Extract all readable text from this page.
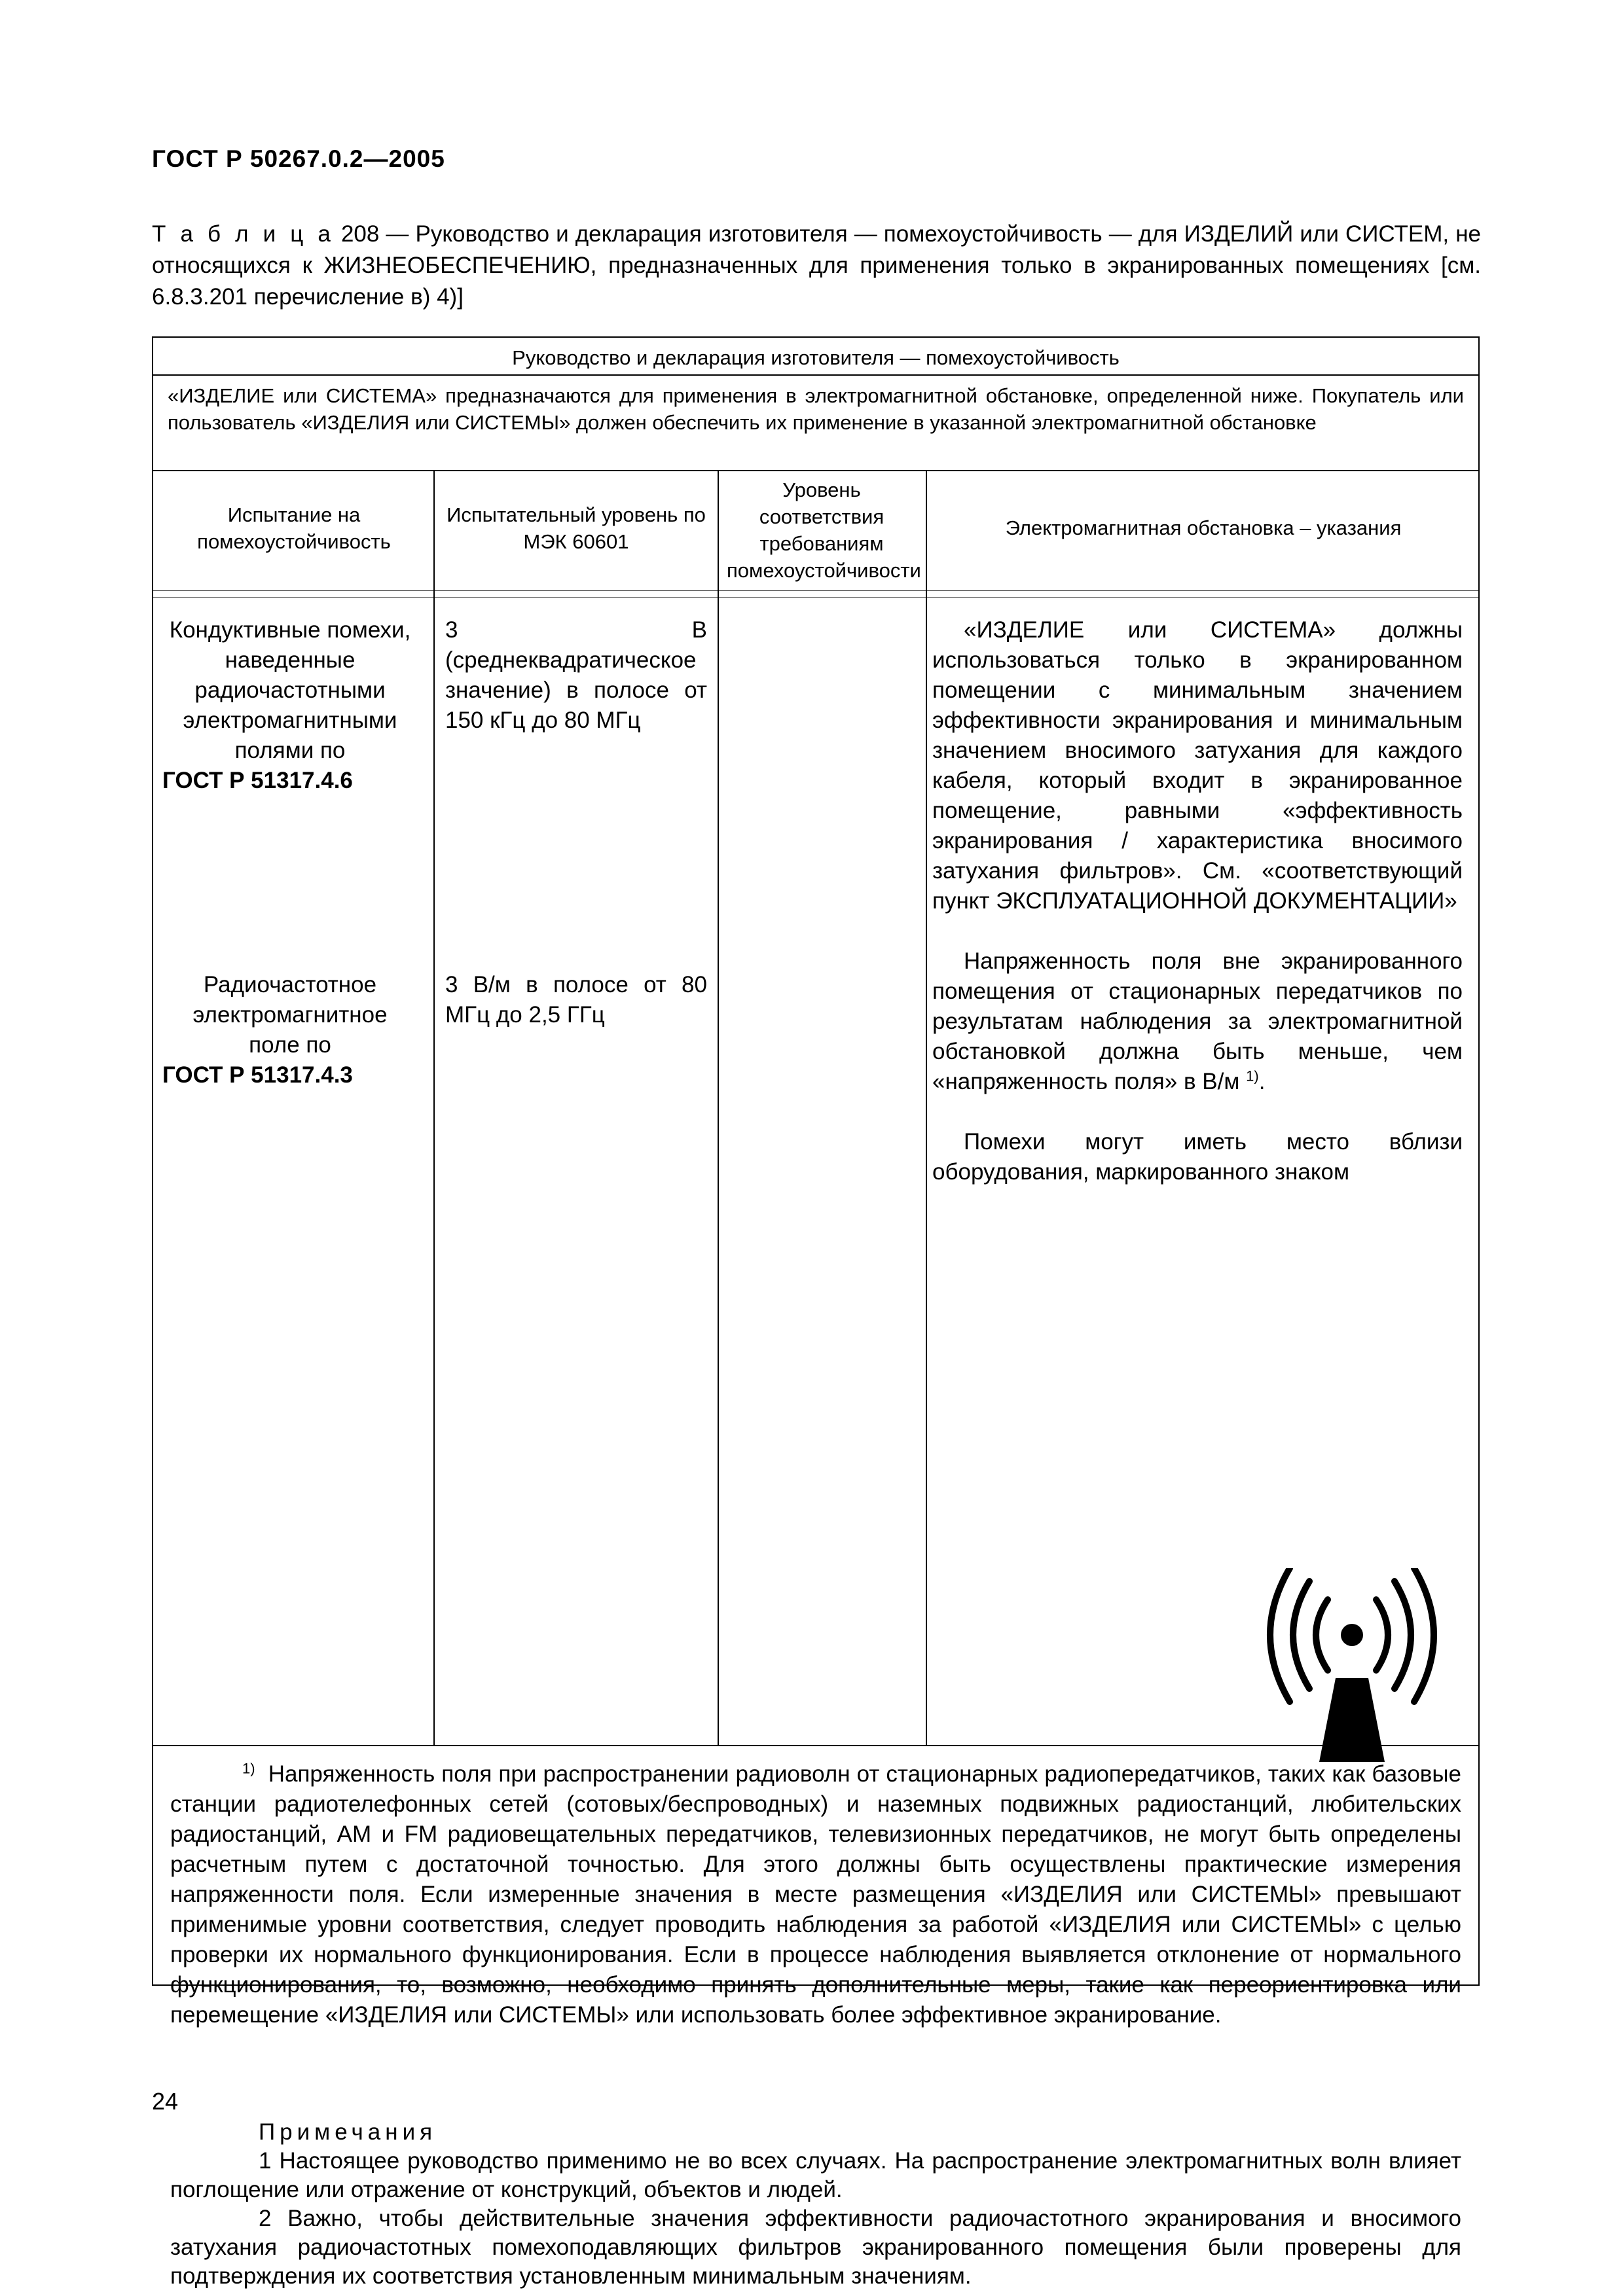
ГОСТ Р 50267.0.2—2005
Т а б л и ц а 208 — Руководство и декларация изготовителя — помехоустойчивость — для ИЗДЕЛИЙ или СИСТЕМ, не относящихся к ЖИЗНЕОБЕСПЕЧЕНИЮ, предназначенных для применения только в экранированных помещениях [см. 6.8.3.201 перечисление в) 4)]
Руководство и декларация изготовителя — помехоустойчивость
«ИЗДЕЛИЕ или СИСТЕМА» предназначаются для применения в электромагнитной обстановке, определенной ниже. Покупатель или пользователь «ИЗДЕЛИЯ или СИСТЕМЫ» должен обеспечить их применение в указанной электромагнитной обстановке
Испытание на помехоустойчивость
Испытательный уровень по МЭК 60601
Уровень соответствия требованиям помехоустойчивости
Электромагнитная обстановка – указания

Кондуктивные помехи, наведенные

радиочастотными

электромагнитными

полями по

ГОСТ Р 51317.4.6

3 В (среднеквадратическое значение) в полосе от 150 кГц до 80 МГц

Радиочастотное

электромагнитное

поле по

ГОСТ Р 51317.4.3

3 В/м в полосе от 80 МГц до 2,5 ГГц

«ИЗДЕЛИЕ или СИСТЕМА» должны использоваться только в экранированном помещении с минимальным значением эффективности экранирования и минимальным значением вносимого затухания для каждого кабеля, который входит в экранированное помещение, равными «эффективность экранирования / характеристика вносимого затухания фильтров». См. «соответствующий пункт ЭКСПЛУАТАЦИОННОЙ ДОКУМЕНТАЦИИ»

Напряженность поля вне экранированного помещения от стационарных передатчиков по результатам наблюдения за электромагнитной обстановкой должна быть меньше, чем «напряженность поля» в В/м $^{1)}$.

Помехи могут иметь место вблизи оборудования, маркированного знаком

$^{1)}$ Напряженность поля при распространении радиоволн от стационарных радиопередатчиков, таких как базовые станции радиотелефонных сетей (сотовых/беспроводных) и наземных подвижных радиостанций, любительских радиостанций, AM и FM радиовещательных передатчиков, телевизионных передатчиков, не могут быть определены расчетным путем с достаточной точностью. Для этого должны быть осуществлены практические измерения напряженности поля. Если измеренные значения в месте размещения «ИЗДЕЛИЯ или СИСТЕМЫ» превышают применимые уровни соответствия, следует проводить наблюдения за работой «ИЗДЕЛИЯ или СИСТЕМЫ» с целью проверки их нормального функционирования. Если в процессе наблюдения выявляется отклонение от нормального функционирования, то, возможно, необходимо принять дополнительные меры, такие как переориентировка или перемещение «ИЗДЕЛИЯ или СИСТЕМЫ» или использовать более эффективное экранирование.

Примечания

1 Настоящее руководство применимо не во всех случаях. На распространение электромагнитных волн влияет поглощение или отражение от конструкций, объектов и людей.

2 Важно, чтобы действительные значения эффективности радиочастотного экранирования и вносимого затухания радиочастотных помехоподавляющих фильтров экранированного помещения были проверены для подтверждения их соответствия установленным минимальным значениям.

24
